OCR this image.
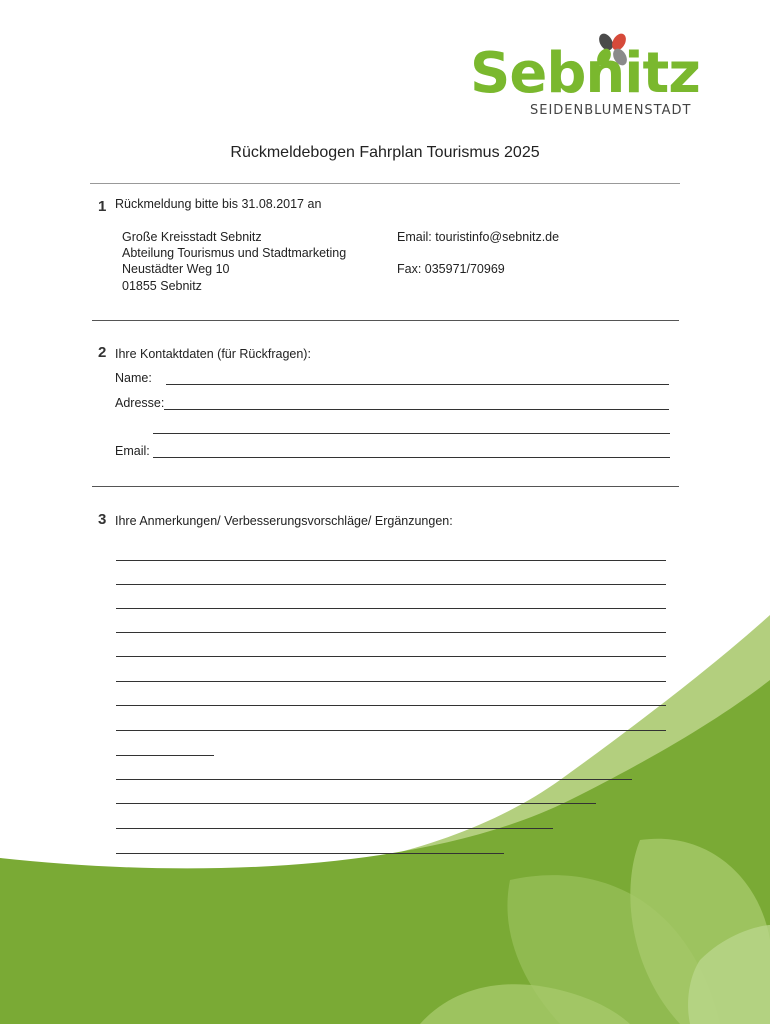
Sebnitz
SEIDENBLUMENSTADT
Rückmeldebogen Fahrplan Tourismus 2025
1 Rückmeldung bitte bis 31.08.2017 an
Große Kreisstadt Sebnitz
Abteilung Tourismus und Stadtmarketing
Neustädter Weg 10
01855 Sebnitz
Email: touristinfo@sebnitz.de
Fax: 035971/70969
2 Ihre Kontaktdaten (für Rückfragen):
Name:
Adresse:
Email:
3 Ihre Anmerkungen/ Verbesserungsvorschläge/ Ergänzungen:
